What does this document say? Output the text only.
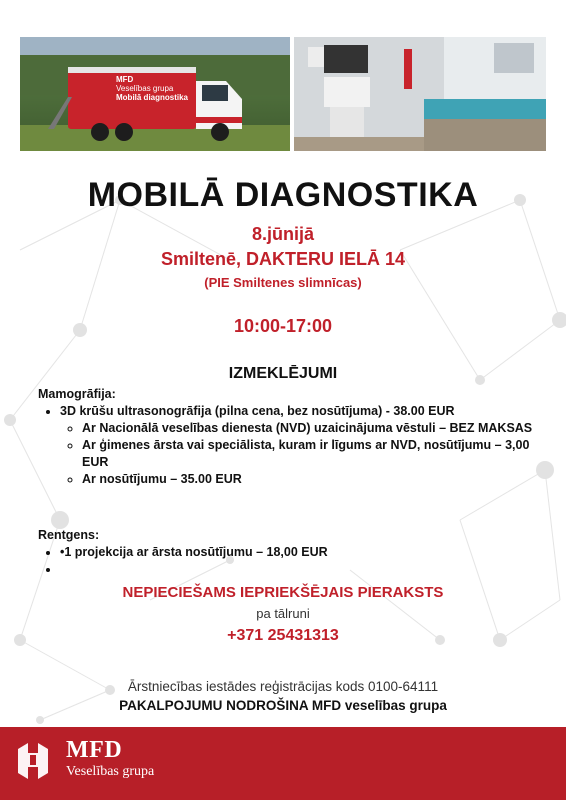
MFD
Veselības grupa
Mobilā diagnostika
MOBILĀ DIAGNOSTIKA
8.jūnijā
Smiltenē, DAKTERU IELĀ 14
(PIE Smiltenes slimnīcas)
10:00-17:00
IZMEKLĒJUMI
Mamogrāfija:
• 3D krūšu ultrasonogrāfija (pilna cena, bez nosūtījuma) - 38.00 EUR
◦ Ar Nacionālā veselības dienesta (NVD) uzaicinājuma vēstuli – BEZ MAKSAS
◦ Ar ģimenes ārsta vai speciālista, kuram ir līgums ar NVD, nosūtījumu – 3,00 EUR
◦ Ar nosūtījumu – 35.00 EUR
Rentgens:
• •1 projekcija ar ārsta nosūtījumu – 18,00 EUR
•
NEPIECIEŠAMS IEPRIEKŠĒJAIS PIERAKSTS
pa tālruni
+371 25431313
Ārstniecības iestādes reģistrācijas kods 0100-64111
PAKALPOJUMU NODROŠINA MFD veselības grupa
MFD
Veselības grupa
